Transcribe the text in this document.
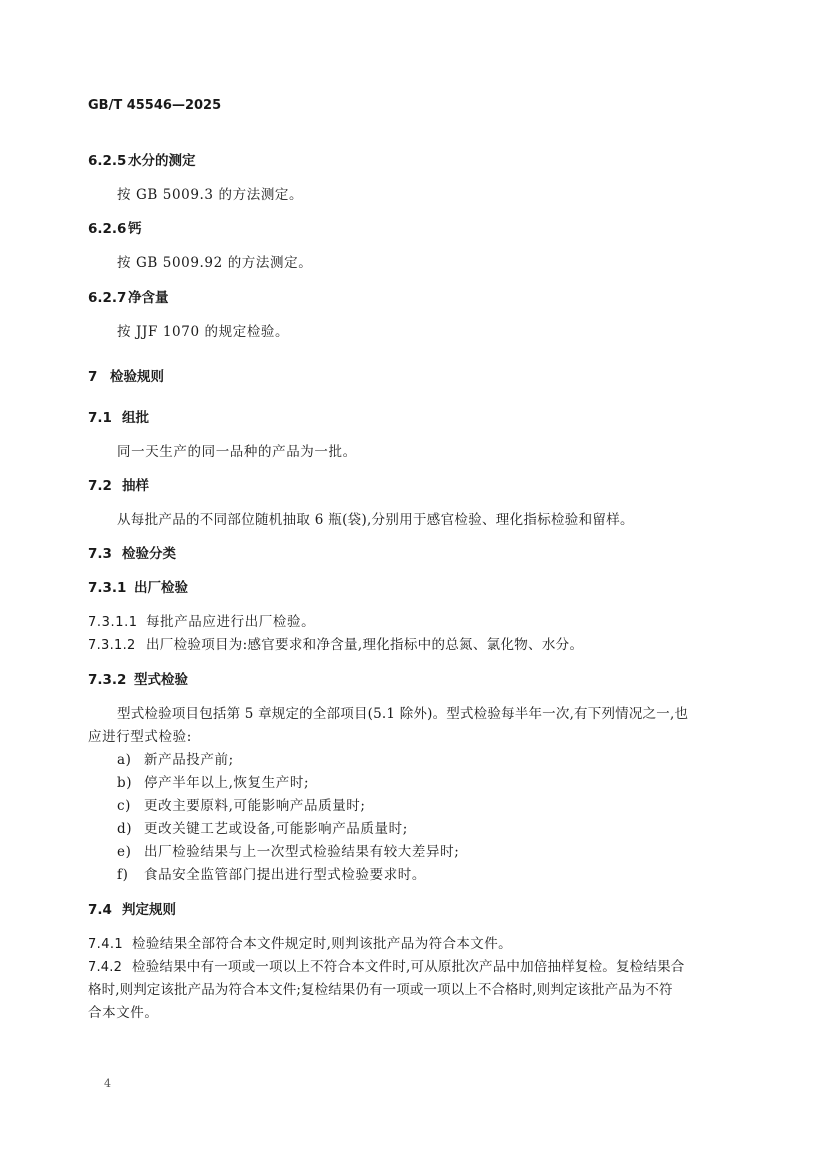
GB/T 45546—2025
6.2.5 水分的测定
按 GB 5009.3 的方法测定。
6.2.6 钙
按 GB 5009.92 的方法测定。
6.2.7 净含量
按 JJF 1070 的规定检验。
7 检验规则
7.1 组批
同一天生产的同一品种的产品为一批。
7.2 抽样
从每批产品的不同部位随机抽取 6 瓶(袋),分别用于感官检验、理化指标检验和留样。
7.3 检验分类
7.3.1 出厂检验
7.3.1.1 每批产品应进行出厂检验。
7.3.1.2 出厂检验项目为:感官要求和净含量,理化指标中的总氮、氯化物、水分。
7.3.2 型式检验
型式检验项目包括第 5 章规定的全部项目(5.1 除外)。型式检验每半年一次,有下列情况之一,也
应进行型式检验:
a) 新产品投产前;
b) 停产半年以上,恢复生产时;
c) 更改主要原料,可能影响产品质量时;
d) 更改关键工艺或设备,可能影响产品质量时;
e) 出厂检验结果与上一次型式检验结果有较大差异时;
f) 食品安全监管部门提出进行型式检验要求时。
7.4 判定规则
7.4.1 检验结果全部符合本文件规定时,则判该批产品为符合本文件。
7.4.2 检验结果中有一项或一项以上不符合本文件时,可从原批次产品中加倍抽样复检。复检结果合
格时,则判定该批产品为符合本文件;复检结果仍有一项或一项以上不合格时,则判定该批产品为不符
合本文件。
4
